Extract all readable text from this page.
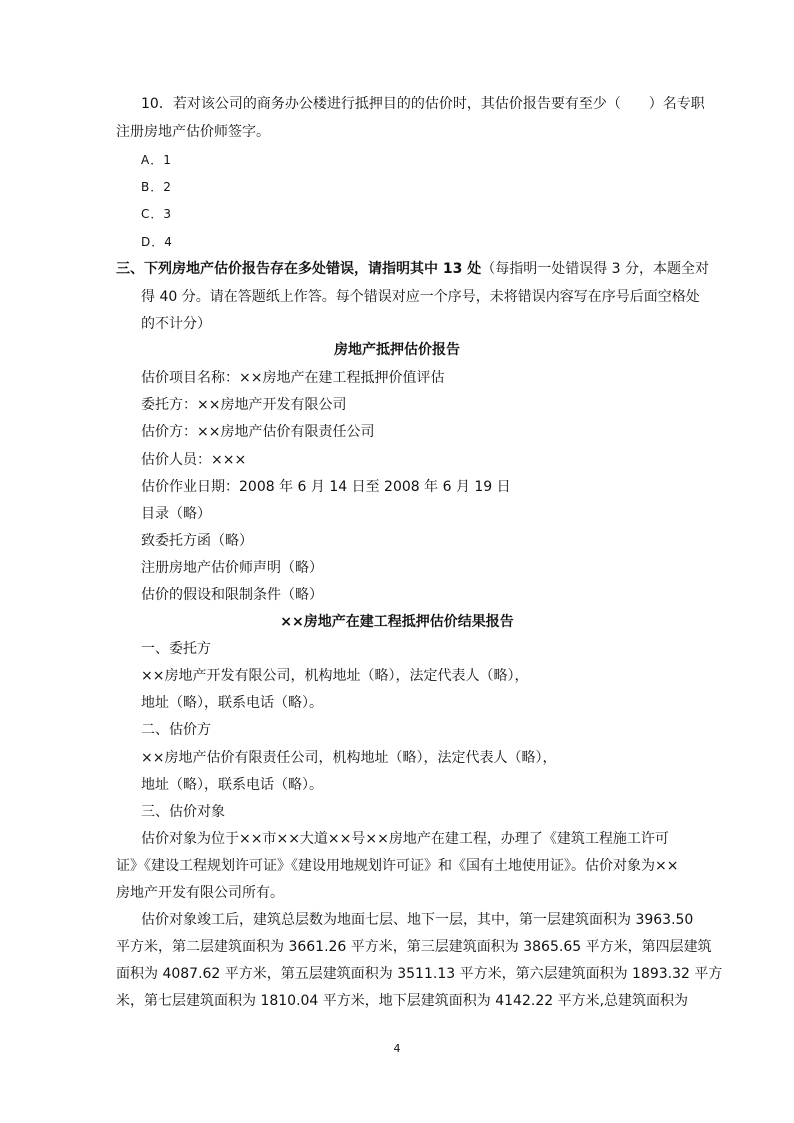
10．若对该公司的商务办公楼进行抵押目的的估价时，其估价报告要有至少（　　）名专职
注册房地产估价师签字。
A．1
B．2
C．3
D．4
三、下列房地产估价报告存在多处错误，请指明其中 13 处（每指明一处错误得 3 分，本题全对
得 40 分。请在答题纸上作答。每个错误对应一个序号，未将错误内容写在序号后面空格处
的不计分）
房地产抵押估价报告
估价项目名称：××房地产在建工程抵押价值评估
委托方：××房地产开发有限公司
估价方：××房地产估价有限责任公司
估价人员：×××
估价作业日期：2008 年 6 月 14 日至 2008 年 6 月 19 日
目录（略）
致委托方函（略）
注册房地产估价师声明（略）
估价的假设和限制条件（略）
××房地产在建工程抵押估价结果报告
一、委托方
××房地产开发有限公司，机构地址（略），法定代表人（略），
地址（略），联系电话（略）。
二、估价方
××房地产估价有限责任公司，机构地址（略），法定代表人（略），
地址（略），联系电话（略）。
三、估价对象
估价对象为位于××市××大道××号××房地产在建工程，办理了《建筑工程施工许可
证》《建设工程规划许可证》《建设用地规划许可证》和《国有土地使用证》。估价对象为××
房地产开发有限公司所有。
估价对象竣工后，建筑总层数为地面七层、地下一层，其中，第一层建筑面积为 3963.50
平方米，第二层建筑面积为 3661.26 平方米，第三层建筑面积为 3865.65 平方米，第四层建筑
面积为 4087.62 平方米，第五层建筑面积为 3511.13 平方米，第六层建筑面积为 1893.32 平方
米，第七层建筑面积为 1810.04 平方米，地下层建筑面积为 4142.22 平方米,总建筑面积为
4
